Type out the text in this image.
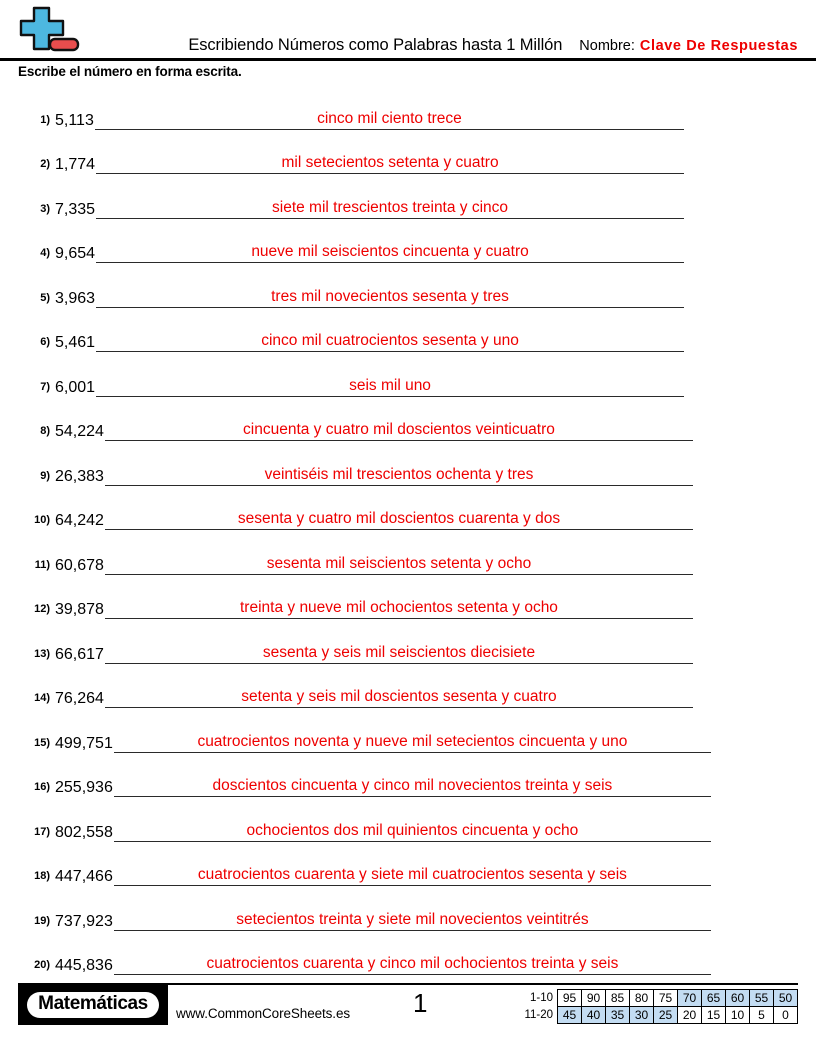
Escribiendo Números como Palabras hasta 1 Millón Nombre: Clave De Respuestas
Escribe el número en forma escrita.
1) 5,113	cinco mil ciento trece
2) 1,774	mil setecientos setenta y cuatro
3) 7,335	siete mil trescientos treinta y cinco
4) 9,654	nueve mil seiscientos cincuenta y cuatro
5) 3,963	tres mil novecientos sesenta y tres
6) 5,461	cinco mil cuatrocientos sesenta y uno
7) 6,001	seis mil uno
8) 54,224	cincuenta y cuatro mil doscientos veinticuatro
9) 26,383	veintiséis mil trescientos ochenta y tres
10) 64,242	sesenta y cuatro mil doscientos cuarenta y dos
11) 60,678	sesenta mil seiscientos setenta y ocho
12) 39,878	treinta y nueve mil ochocientos setenta y ocho
13) 66,617	sesenta y seis mil seiscientos diecisiete
14) 76,264	setenta y seis mil doscientos sesenta y cuatro
15) 499,751	cuatrocientos noventa y nueve mil setecientos cincuenta y uno
16) 255,936	doscientos cincuenta y cinco mil novecientos treinta y seis
17) 802,558	ochocientos dos mil quinientos cincuenta y ocho
18) 447,466	cuatrocientos cuarenta y siete mil cuatrocientos sesenta y seis
19) 737,923	setecientos treinta y siete mil novecientos veintitrés
20) 445,836	cuatrocientos cuarenta y cinco mil ochocientos treinta y seis
Matemáticas	www.CommonCoreSheets.es 1	1-10	95	90	85	80	75	70	65	60	55	50
11-20	45	40	35	30	25	20	15	10	5	0
